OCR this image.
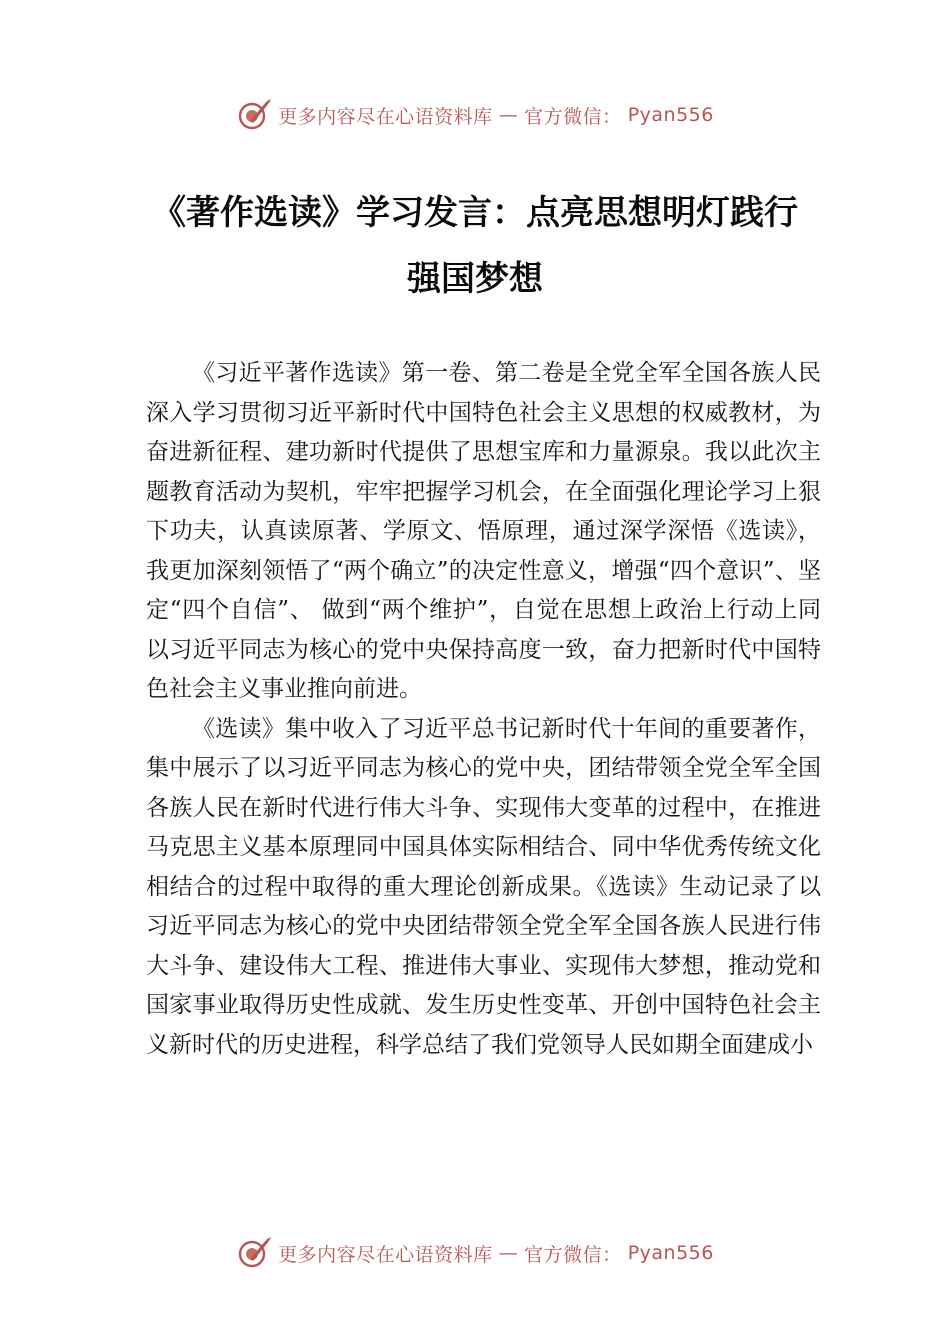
更多内容尽在心语资料库 — 官方微信： Pyan556
《著作选读》学习发言：点亮思想明灯践行强国梦想

《习近平著作选读》第一卷、第二卷是全党全军全国各族人民深入学习贯彻习近平新时代中国特色社会主义思想的权威教材，为奋进新征程、建功新时代提供了思想宝库和力量源泉。我以此次主题教育活动为契机，牢牢把握学习机会，在全面强化理论学习上狠下功夫，认真读原著、学原文、悟原理，通过深学深悟《选读》，我更加深刻领悟了“两个确立”的决定性意义，增强“四个意识”、坚定“四个自信”、 做到“两个维护”，自觉在思想上政治上行动上同以习近平同志为核心的党中央保持高度一致，奋力把新时代中国特色社会主义事业推向前进。

《选读》集中收入了习近平总书记新时代十年间的重要著作，集中展示了以习近平同志为核心的党中央，团结带领全党全军全国各族人民在新时代进行伟大斗争、实现伟大变革的过程中，在推进马克思主义基本原理同中国具体实际相结合、同中华优秀传统文化相结合的过程中取得的重大理论创新成果。《选读》生动记录了以习近平同志为核心的党中央团结带领全党全军全国各族人民进行伟大斗争、建设伟大工程、推进伟大事业、实现伟大梦想，推动党和国家事业取得历史性成就、发生历史性变革、开创中国特色社会主义新时代的历史进程，科学总结了我们党领导人民如期全面建成小

更多内容尽在心语资料库 — 官方微信： Pyan556
